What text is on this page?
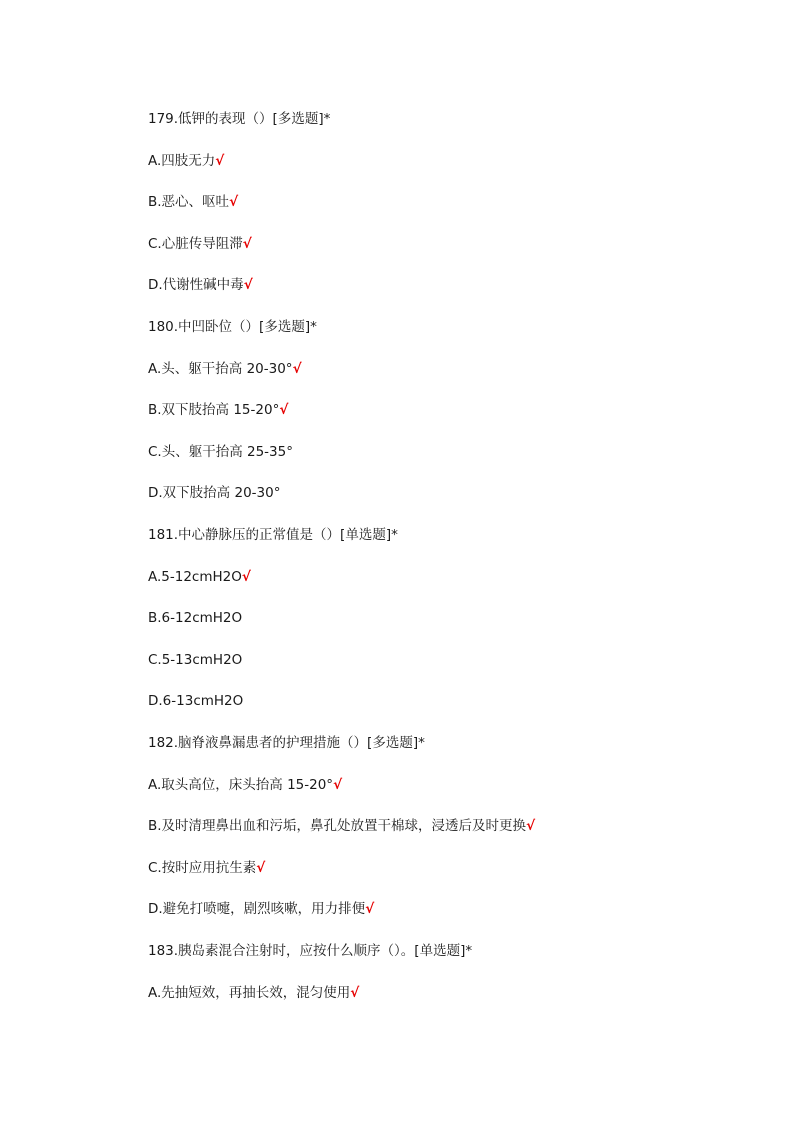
179.低钾的表现（）[多选题]*
A.四肢无力√
B.恶心、呕吐√
C.心脏传导阻滞√
D.代谢性碱中毒√
180.中凹卧位（）[多选题]*
A.头、躯干抬高 20-30°√
B.双下肢抬高 15-20°√
C.头、躯干抬高 25-35°
D.双下肢抬高 20-30°
181.中心静脉压的正常值是（）[单选题]*
A.5-12cmH2O√
B.6-12cmH2O
C.5-13cmH2O
D.6-13cmH2O
182.脑脊液鼻漏患者的护理措施（）[多选题]*
A.取头高位，床头抬高 15-20°√
B.及时清理鼻出血和污垢，鼻孔处放置干棉球，浸透后及时更换√
C.按时应用抗生素√
D.避免打喷嚏，剧烈咳嗽，用力排便√
183.胰岛素混合注射时，应按什么顺序（）。[单选题]*
A.先抽短效，再抽长效，混匀使用√
